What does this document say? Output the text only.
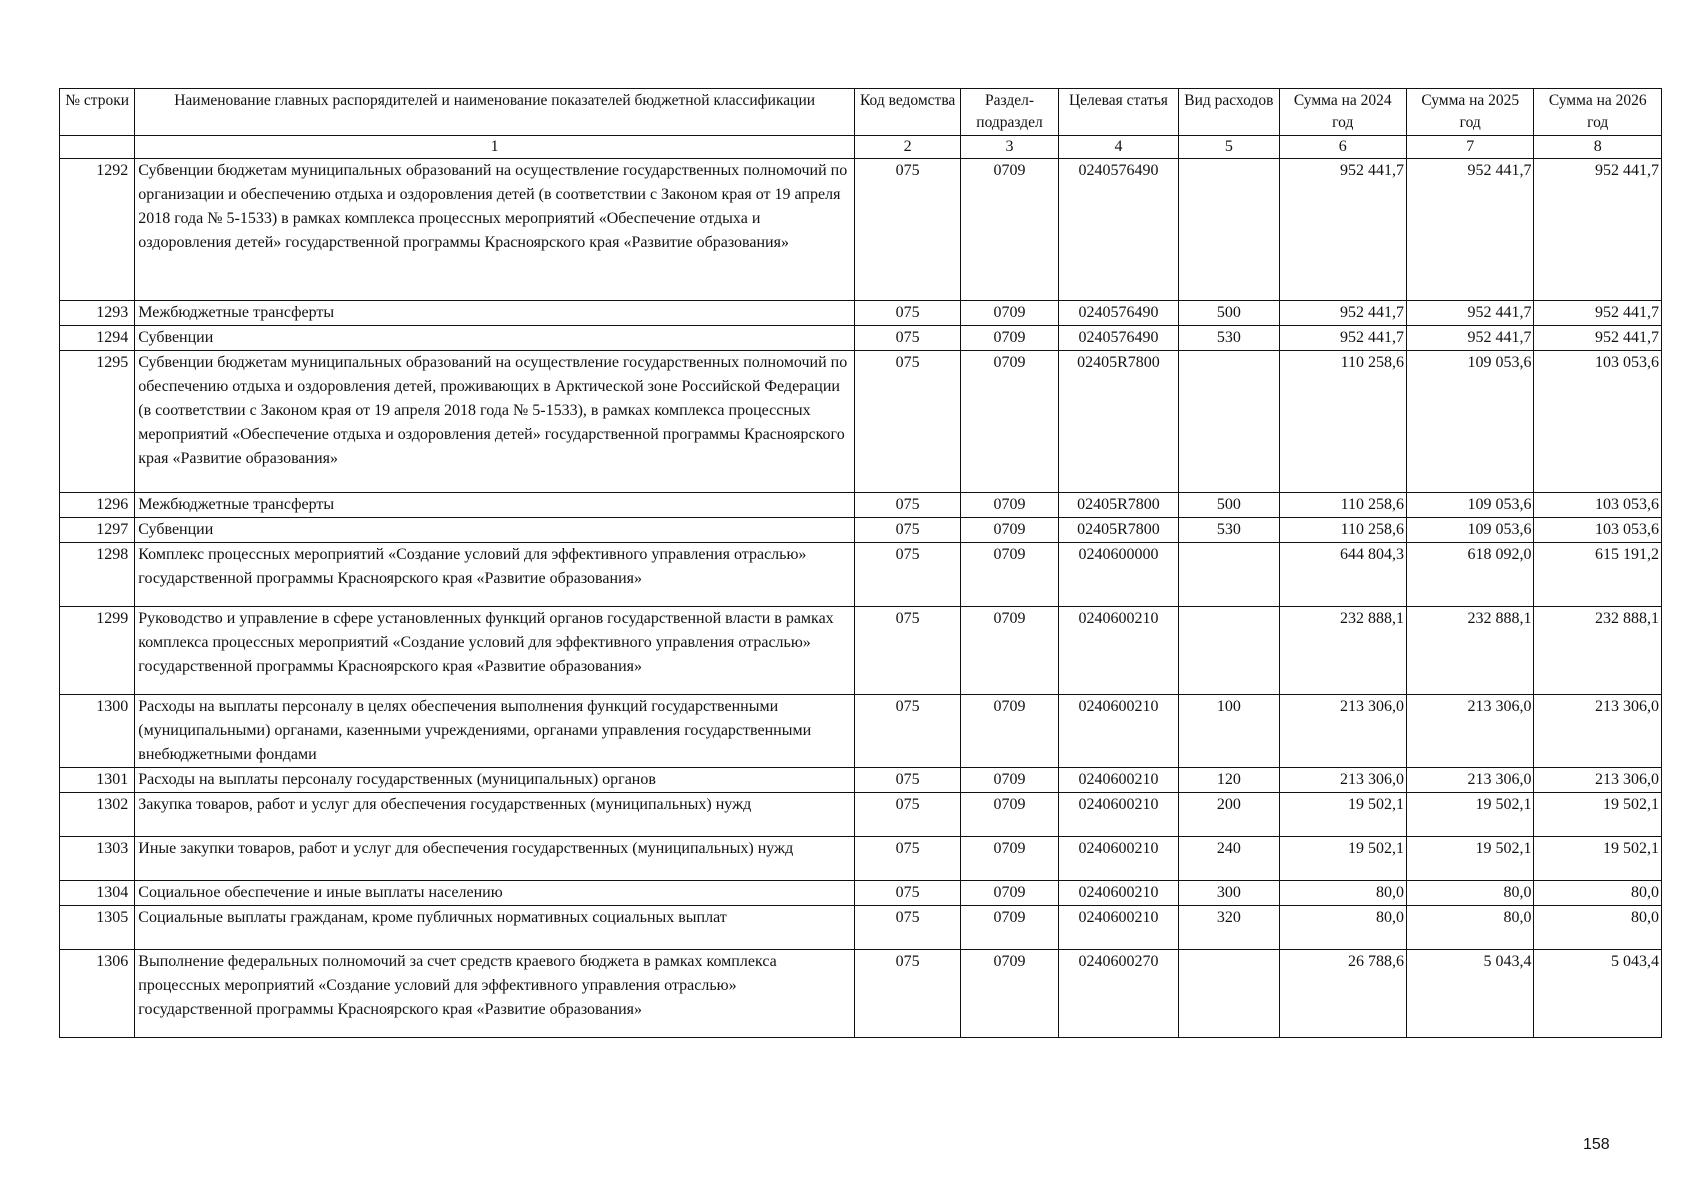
№ строки	Наименование главных распорядителей и наименование показателей бюджетной классификации	Код ведомства	Раздел-подраздел	Целевая статья	Вид расходов	Сумма на 2024 год	Сумма на 2025 год	Сумма на 2026 год
	1	2	3	4	5	6	7	8
1292	Субвенции бюджетам муниципальных образований на осуществление государственных полномочий по организации и обеспечению отдыха и оздоровления детей (в соответствии с Законом края от 19 апреля 2018 года № 5-1533) в рамках комплекса процессных мероприятий «Обеспечение отдыха и оздоровления детей» государственной программы Красноярского края «Развитие образования»	075	0709	0240576490		952 441,7	952 441,7	952 441,7
1293	Межбюджетные трансферты	075	0709	0240576490	500	952 441,7	952 441,7	952 441,7
1294	Субвенции	075	0709	0240576490	530	952 441,7	952 441,7	952 441,7
1295	Субвенции бюджетам муниципальных образований на осуществление государственных полномочий по обеспечению отдыха и оздоровления детей, проживающих в Арктической зоне Российской Федерации (в соответствии с Законом края от 19 апреля 2018 года № 5-1533), в рамках комплекса процессных мероприятий «Обеспечение отдыха и оздоровления детей» государственной программы Красноярского края «Развитие образования»	075	0709	02405R7800		110 258,6	109 053,6	103 053,6
1296	Межбюджетные трансферты	075	0709	02405R7800	500	110 258,6	109 053,6	103 053,6
1297	Субвенции	075	0709	02405R7800	530	110 258,6	109 053,6	103 053,6
1298	Комплекс процессных мероприятий «Создание условий для эффективного управления отраслью» государственной программы Красноярского края «Развитие образования»	075	0709	0240600000		644 804,3	618 092,0	615 191,2
1299	Руководство и управление в сфере установленных функций органов государственной власти в рамках комплекса процессных мероприятий «Создание условий для эффективного управления отраслью» государственной программы Красноярского края «Развитие образования»	075	0709	0240600210		232 888,1	232 888,1	232 888,1
1300	Расходы на выплаты персоналу в целях обеспечения выполнения функций государственными (муниципальными) органами, казенными учреждениями, органами управления государственными внебюджетными фондами	075	0709	0240600210	100	213 306,0	213 306,0	213 306,0
1301	Расходы на выплаты персоналу государственных (муниципальных) органов	075	0709	0240600210	120	213 306,0	213 306,0	213 306,0
1302	Закупка товаров, работ и услуг для обеспечения государственных (муниципальных) нужд	075	0709	0240600210	200	19 502,1	19 502,1	19 502,1
1303	Иные закупки товаров, работ и услуг для обеспечения государственных (муниципальных) нужд	075	0709	0240600210	240	19 502,1	19 502,1	19 502,1
1304	Социальное обеспечение и иные выплаты населению	075	0709	0240600210	300	80,0	80,0	80,0
1305	Социальные выплаты гражданам, кроме публичных нормативных социальных выплат	075	0709	0240600210	320	80,0	80,0	80,0
1306	Выполнение федеральных полномочий за счет средств краевого бюджета в рамках комплекса процессных мероприятий «Создание условий для эффективного управления отраслью» государственной программы Красноярского края «Развитие образования»	075	0709	0240600270		26 788,6	5 043,4	5 043,4
158
